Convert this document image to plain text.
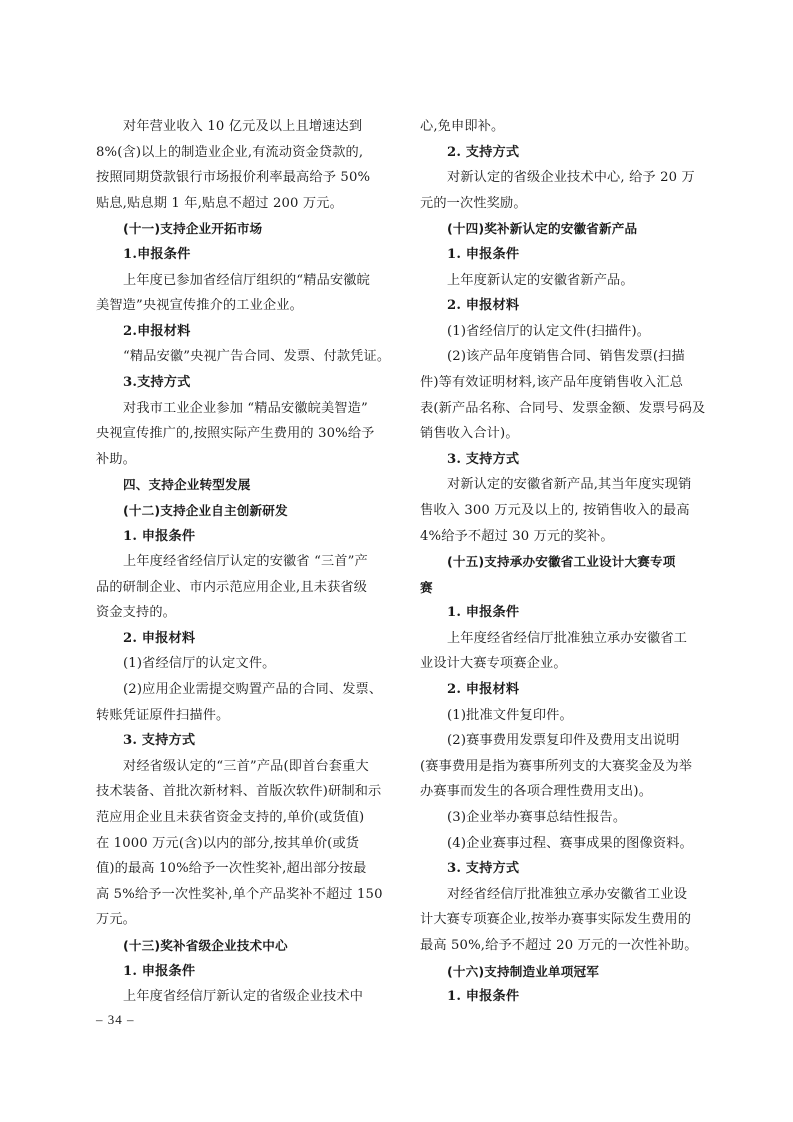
对年营业收入 10 亿元及以上且增速达到
8%(含)以上的制造业企业,有流动资金贷款的,
按照同期贷款银行市场报价利率最高给予 50%
贴息,贴息期 1 年,贴息不超过 200 万元。
(十一)支持企业开拓市场
1.申报条件
上年度已参加省经信厅组织的“精品安徽皖
美智造”央视宣传推介的工业企业。
2.申报材料
“精品安徽”央视广告合同、发票、付款凭证。
3.支持方式
对我市工业企业参加 “精品安徽皖美智造”
央视宣传推广的,按照实际产生费用的 30%给予
补助。
四、支持企业转型发展
(十二)支持企业自主创新研发
1. 申报条件
上年度经省经信厅认定的安徽省 “三首”产
品的研制企业、市内示范应用企业,且未获省级
资金支持的。
2. 申报材料
(1)省经信厅的认定文件。
(2)应用企业需提交购置产品的合同、发票、
转账凭证原件扫描件。
3. 支持方式
对经省级认定的“三首”产品(即首台套重大
技术装备、首批次新材料、首版次软件)研制和示
范应用企业且未获省资金支持的,单价(或货值)
在 1000 万元(含)以内的部分,按其单价(或货
值)的最高 10%给予一次性奖补,超出部分按最
高 5%给予一次性奖补,单个产品奖补不超过 150
万元。
(十三)奖补省级企业技术中心
1. 申报条件
上年度省经信厅新认定的省级企业技术中
心,免申即补。
2. 支持方式
对新认定的省级企业技术中心, 给予 20 万
元的一次性奖励。
(十四)奖补新认定的安徽省新产品
1. 申报条件
上年度新认定的安徽省新产品。
2. 申报材料
(1)省经信厅的认定文件(扫描件)。
(2)该产品年度销售合同、销售发票(扫描
件)等有效证明材料,该产品年度销售收入汇总
表(新产品名称、合同号、发票金额、发票号码及
销售收入合计)。
3. 支持方式
对新认定的安徽省新产品,其当年度实现销
售收入 300 万元及以上的, 按销售收入的最高
4%给予不超过 30 万元的奖补。
(十五)支持承办安徽省工业设计大赛专项
赛
1. 申报条件
上年度经省经信厅批准独立承办安徽省工
业设计大赛专项赛企业。
2. 申报材料
(1)批准文件复印件。
(2)赛事费用发票复印件及费用支出说明
(赛事费用是指为赛事所列支的大赛奖金及为举
办赛事而发生的各项合理性费用支出)。
(3)企业举办赛事总结性报告。
(4)企业赛事过程、赛事成果的图像资料。
3. 支持方式
对经省经信厅批准独立承办安徽省工业设
计大赛专项赛企业,按举办赛事实际发生费用的
最高 50%,给予不超过 20 万元的一次性补助。
(十六)支持制造业单项冠军
1. 申报条件
– 34 –
